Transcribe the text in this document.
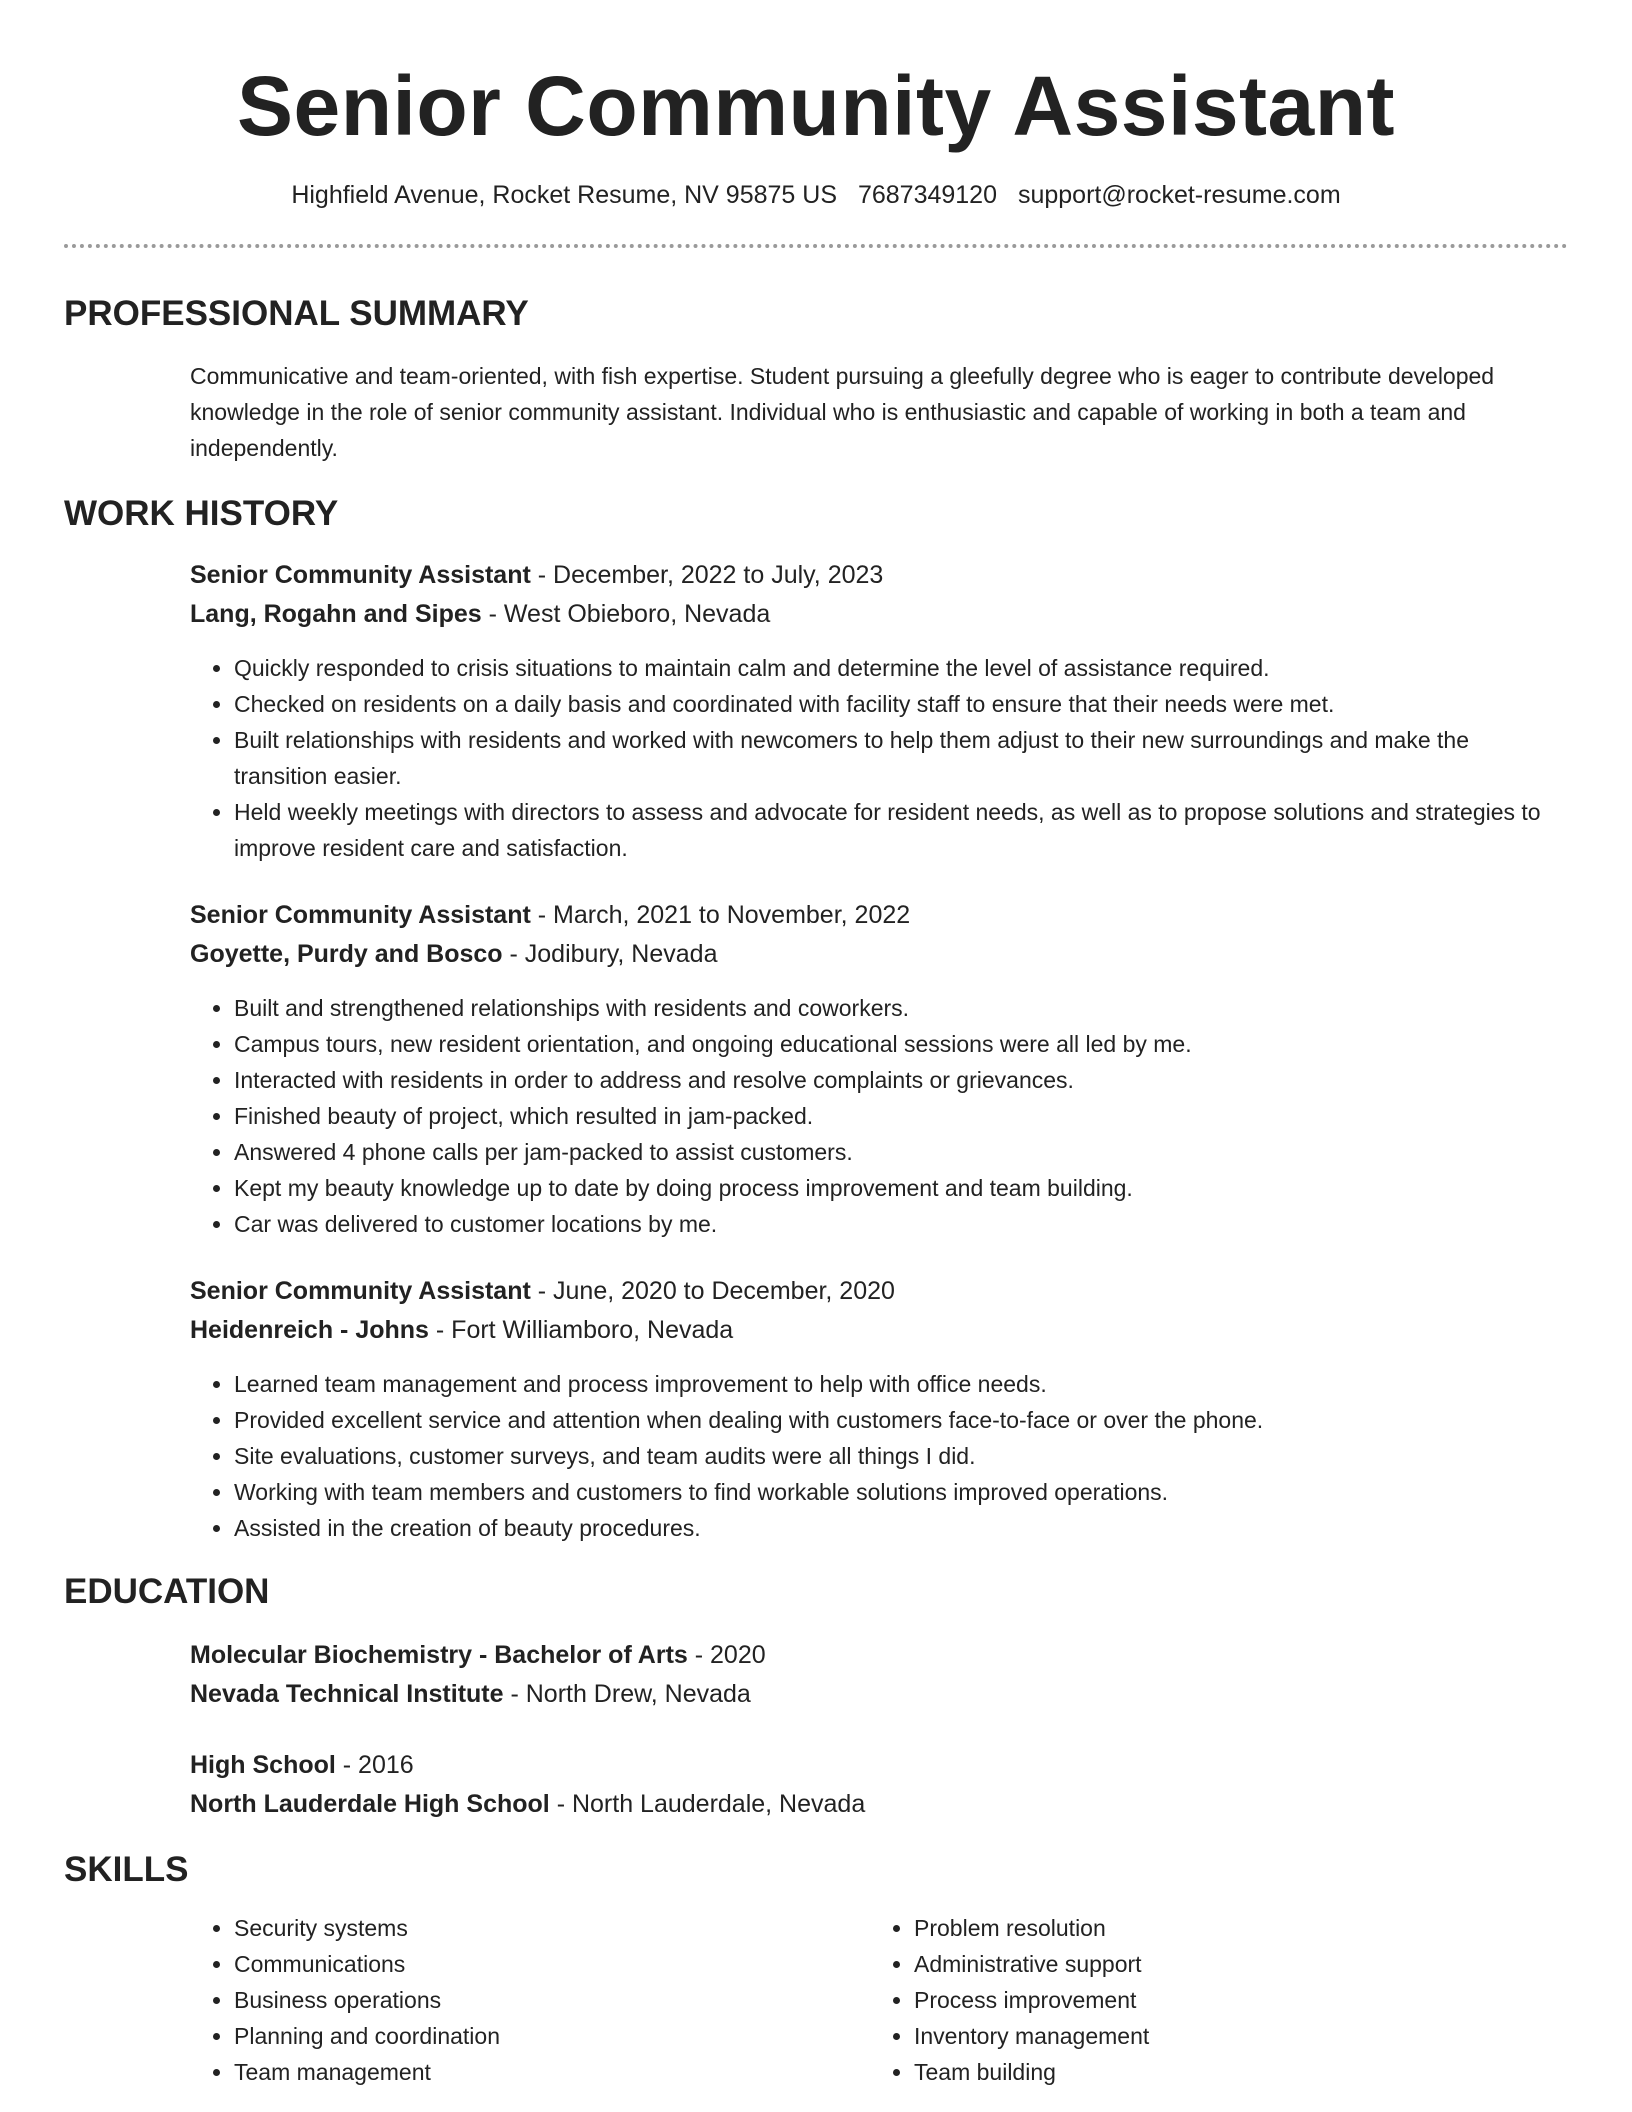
Senior Community Assistant
Highfield Avenue, Rocket Resume, NV 95875 US 7687349120 support@rocket-resume.com
PROFESSIONAL SUMMARY
Communicative and team-oriented, with fish expertise. Student pursuing a gleefully degree who is eager to contribute developed knowledge in the role of senior community assistant. Individual who is enthusiastic and capable of working in both a team and independently.
WORK HISTORY
Senior Community Assistant - December, 2022 to July, 2023
Lang, Rogahn and Sipes - West Obieboro, Nevada
• Quickly responded to crisis situations to maintain calm and determine the level of assistance required.
• Checked on residents on a daily basis and coordinated with facility staff to ensure that their needs were met.
• Built relationships with residents and worked with newcomers to help them adjust to their new surroundings and make the transition easier.
• Held weekly meetings with directors to assess and advocate for resident needs, as well as to propose solutions and strategies to improve resident care and satisfaction.
Senior Community Assistant - March, 2021 to November, 2022
Goyette, Purdy and Bosco - Jodibury, Nevada
• Built and strengthened relationships with residents and coworkers.
• Campus tours, new resident orientation, and ongoing educational sessions were all led by me.
• Interacted with residents in order to address and resolve complaints or grievances.
• Finished beauty of project, which resulted in jam-packed.
• Answered 4 phone calls per jam-packed to assist customers.
• Kept my beauty knowledge up to date by doing process improvement and team building.
• Car was delivered to customer locations by me.
Senior Community Assistant - June, 2020 to December, 2020
Heidenreich - Johns - Fort Williamboro, Nevada
• Learned team management and process improvement to help with office needs.
• Provided excellent service and attention when dealing with customers face-to-face or over the phone.
• Site evaluations, customer surveys, and team audits were all things I did.
• Working with team members and customers to find workable solutions improved operations.
• Assisted in the creation of beauty procedures.
EDUCATION
Molecular Biochemistry - Bachelor of Arts - 2020
Nevada Technical Institute - North Drew, Nevada
High School - 2016
North Lauderdale High School - North Lauderdale, Nevada
SKILLS
• Security systems
• Communications
• Business operations
• Planning and coordination
• Team management
• Problem resolution
• Administrative support
• Process improvement
• Inventory management
• Team building
